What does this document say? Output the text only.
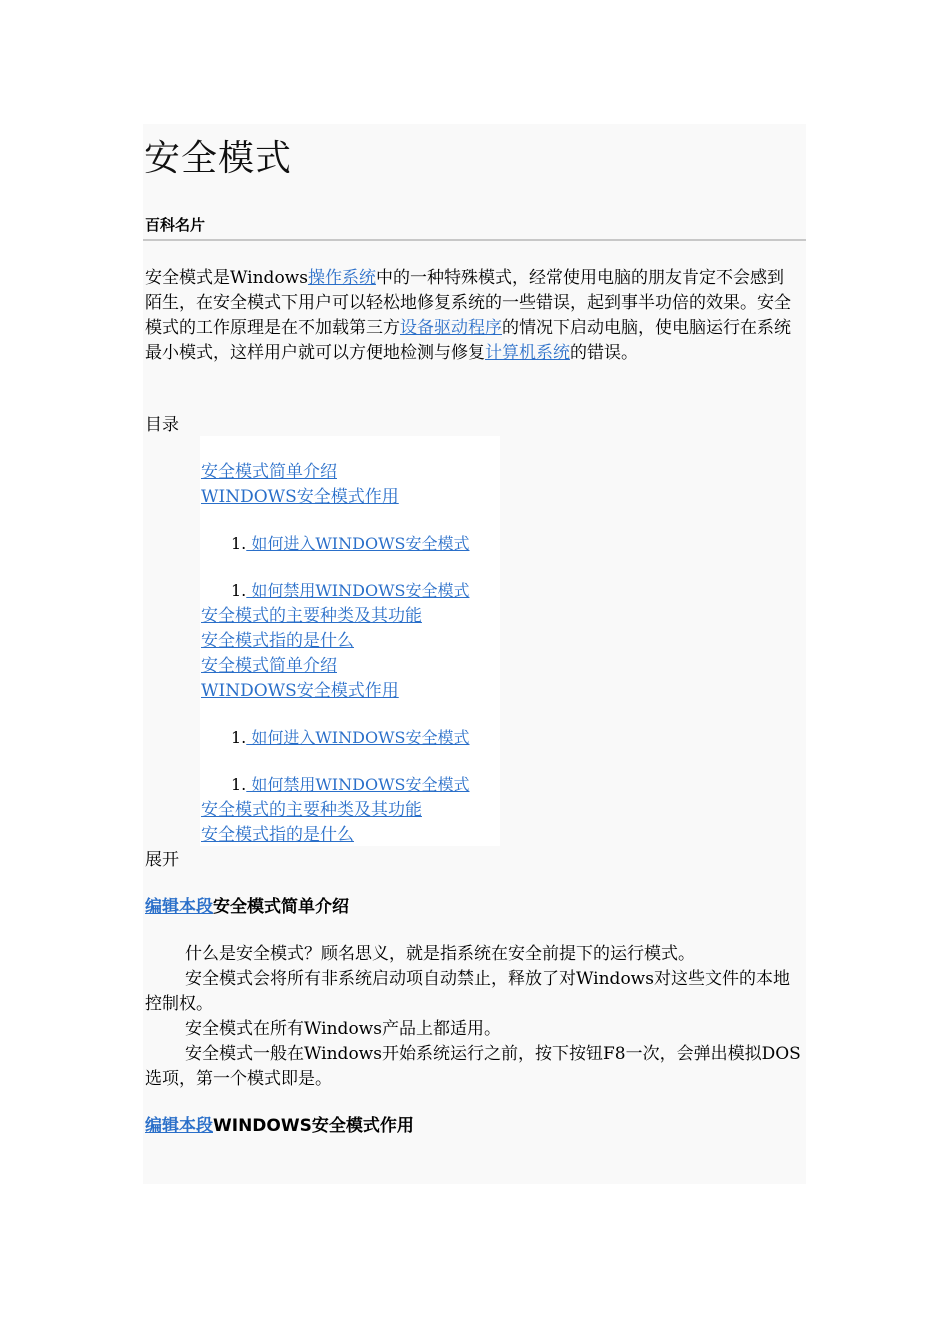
安全模式
百科名片

安全模式是Windows操作系统中的一种特殊模式，经常使用电脑的朋友肯定不会感到陌生，在安全模式下用户可以轻松地修复系统的一些错误，起到事半功倍的效果。安全模式的工作原理是在不加载第三方设备驱动程序的情况下启动电脑，使电脑运行在系统最小模式，这样用户就可以方便地检测与修复计算机系统的错误。

目录
安全模式简单介绍
WINDOWS安全模式作用
1. 如何进入WINDOWS安全模式
1. 如何禁用WINDOWS安全模式
安全模式的主要种类及其功能
安全模式指的是什么
安全模式简单介绍
WINDOWS安全模式作用
1. 如何进入WINDOWS安全模式
1. 如何禁用WINDOWS安全模式
安全模式的主要种类及其功能
安全模式指的是什么
展开
编辑本段安全模式简单介绍

什么是安全模式？顾名思义，就是指系统在安全前提下的运行模式。

安全模式会将所有非系统启动项自动禁止，释放了对Windows对这些文件的本地控制权。

安全模式在所有Windows产品上都适用。

安全模式一般在Windows开始系统运行之前，按下按钮F8一次，会弹出模拟DOS选项，第一个模式即是。

编辑本段WINDOWS安全模式作用
